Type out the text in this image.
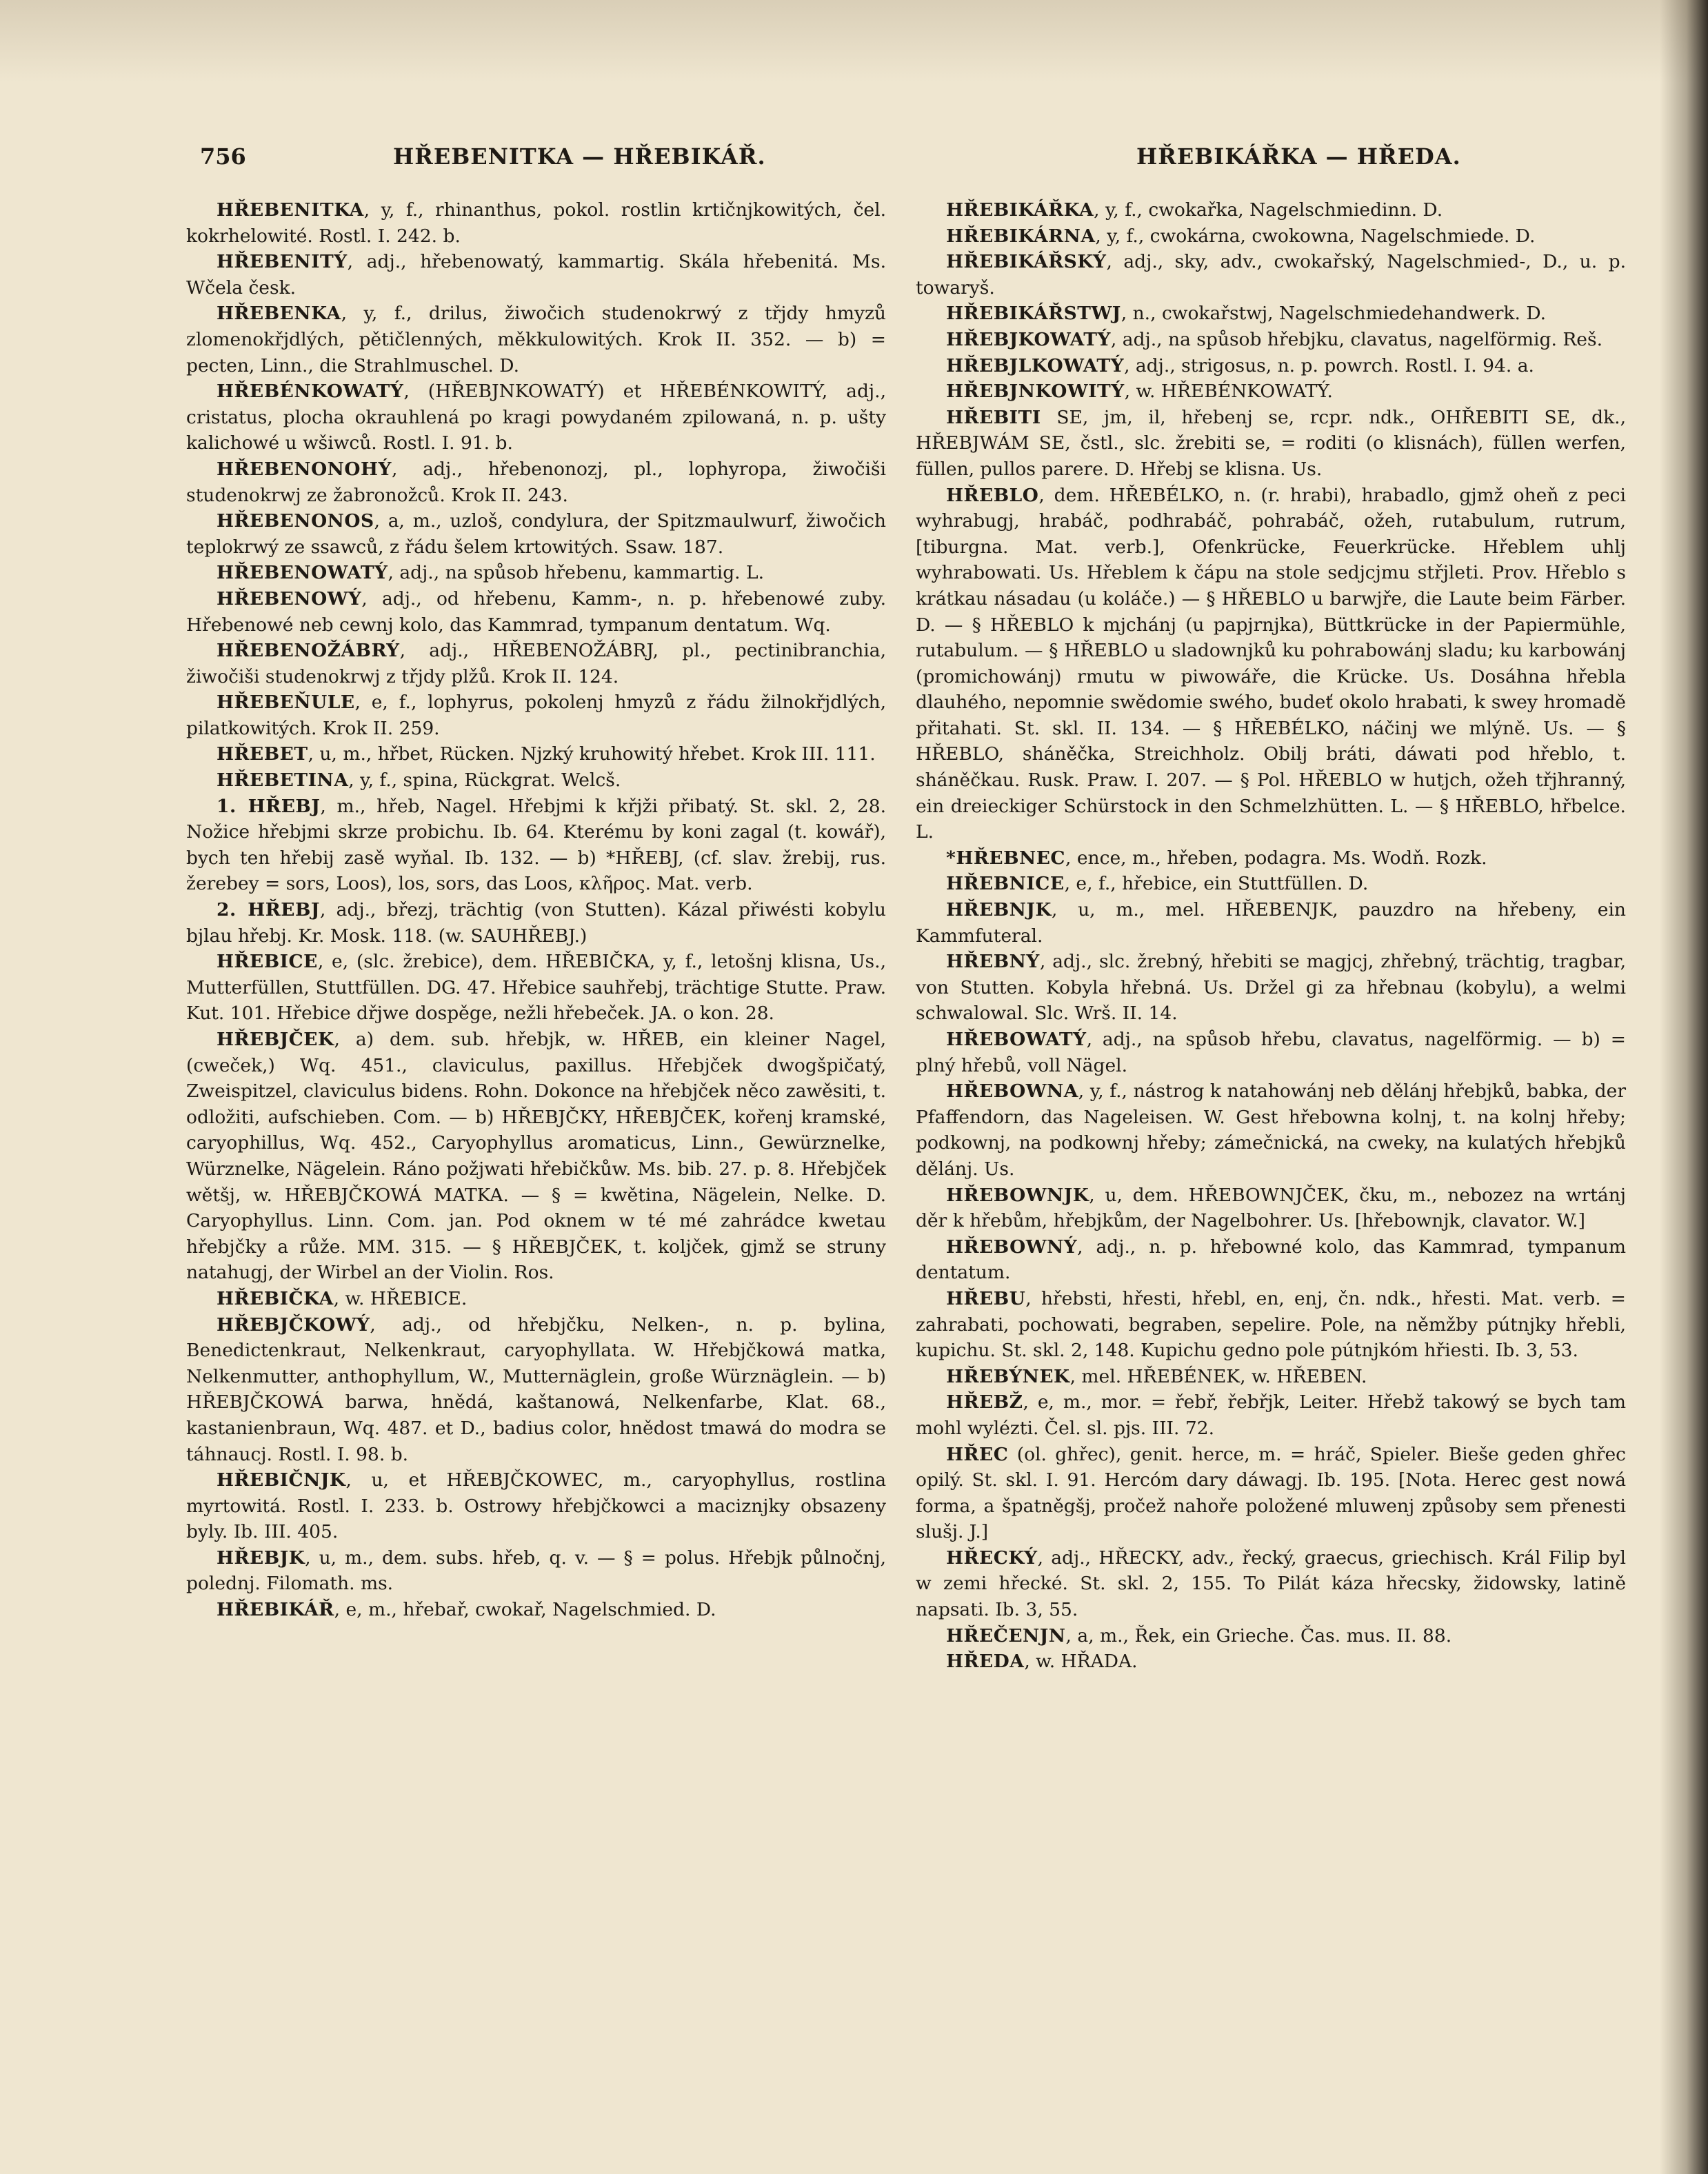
756	HŘEBENITKA — HŘEBIKÁŘ.	HŘEBIKÁŘKA — HŘEDA.

HŘEBENITKA, y, f., rhinanthus, pokol. rostlin krtičnjkowitých, čel. kokrhelowité. Rostl. I. 242. b.

HŘEBENITÝ, adj., hřebenowatý, kammartig. Skála hřebenitá. Ms. Wčela česk.

HŘEBENKA, y, f., drilus, žiwočich studenokrwý z třjdy hmyzů zlomenokřjdlých, pětičlenných, měkkulowitých. Krok II. 352. — b) = pecten, Linn., die Strahlmuschel. D.

HŘEBÉNKOWATÝ, (HŘEBJNKOWATÝ) et HŘEBÉNKOWITÝ, adj., cristatus, plocha okrauhlená po kragi powydaném zpilowaná, n. p. ušty kalichowé u wšiwců. Rostl. I. 91. b.

HŘEBENONOHÝ, adj., hřebenonozj, pl., lophyropa, žiwočiši studenokrwj ze žabronožců. Krok II. 243.

HŘEBENONOS, a, m., uzloš, condylura, der Spitzmaulwurf, žiwočich teplokrwý ze ssawců, z řádu šelem krtowitých. Ssaw. 187.

HŘEBENOWATÝ, adj., na spůsob hřebenu, kammartig. L.

HŘEBENOWÝ, adj., od hřebenu, Kamm-, n. p. hřebenowé zuby. Hřebenowé neb cewnj kolo, das Kammrad, tympanum dentatum. Wq.

HŘEBENOŽÁBRÝ, adj., HŘEBENOŽÁBRJ, pl., pectinibranchia, žiwočiši studenokrwj z třjdy plžů. Krok II. 124.

HŘEBEŇULE, e, f., lophyrus, pokolenj hmyzů z řádu žilnokřjdlých, pilatkowitých. Krok II. 259.

HŘEBET, u, m., hřbet, Rücken. Njzký kruhowitý hřebet. Krok III. 111.

HŘEBETINA, y, f., spina, Rückgrat. Welcš.

1. HŘEBJ, m., hřeb, Nagel. Hřebjmi k křjži přibatý. St. skl. 2, 28. Nožice hřebjmi skrze probichu. Ib. 64. Kterému by koni zagal (t. kowář), bych ten hřebij zasě wyňal. Ib. 132. — b) *HŘEBJ, (cf. slav. žrebij, rus. žerebey = sors, Loos), los, sors, das Loos, κλῆρος. Mat. verb.

2. HŘEBJ, adj., březj, trächtig (von Stutten). Kázal přiwésti kobylu bjlau hřebj. Kr. Mosk. 118. (w. SAUHŘEBJ.)

HŘEBICE, e, (slc. žrebice), dem. HŘEBIČKA, y, f., letošnj klisna, Us., Mutterfüllen, Stuttfüllen. DG. 47. Hřebice sauhřebj, trächtige Stutte. Praw. Kut. 101. Hřebice dřjwe dospěge, nežli hřebeček. JA. o kon. 28.

HŘEBJČEK, a) dem. sub. hřebjk, w. HŘEB, ein kleiner Nagel, (cweček,) Wq. 451., claviculus, paxillus. Hřebjček dwogšpičatý, Zweispitzel, claviculus bidens. Rohn. Dokonce na hřebjček něco zawěsiti, t. odložiti, aufschieben. Com. — b) HŘEBJČKY, HŘEBJČEK, kořenj kramské, caryophillus, Wq. 452., Caryophyllus aromaticus, Linn., Gewürznelke, Würznelke, Nägelein. Ráno požjwati hřebičkůw. Ms. bib. 27. p. 8. Hřebjček wětšj, w. HŘEBJČKOWÁ MATKA. — § = kwětina, Nägelein, Nelke. D. Caryophyllus. Linn. Com. jan. Pod oknem w té mé zahrádce kwetau hřebjčky a růže. MM. 315. — § HŘEBJČEK, t. koljček, gjmž se struny natahugj, der Wirbel an der Violin. Ros.

HŘEBIČKA, w. HŘEBICE.

HŘEBJČKOWÝ, adj., od hřebjčku, Nelken-, n. p. bylina, Benedictenkraut, Nelkenkraut, caryophyllata. W. Hřebjčkowá matka, Nelkenmutter, anthophyllum, W., Mutternäglein, große Würznäglein. — b) HŘEBJČKOWÁ barwa, hnědá, kaštanowá, Nelkenfarbe, Klat. 68., kastanienbraun, Wq. 487. et D., badius color, hnědost tmawá do modra se táhnaucj. Rostl. I. 98. b.

HŘEBIČNJK, u, et HŘEBJČKOWEC, m., caryophyllus, rostlina myrtowitá. Rostl. I. 233. b. Ostrowy hřebjčkowci a maciznjky obsazeny byly. Ib. III. 405.

HŘEBJK, u, m., dem. subs. hřeb, q. v. — § = polus. Hřebjk půlnočnj, polednj. Filomath. ms.

HŘEBIKÁŘ, e, m., hřebař, cwokař, Nagelschmied. D.

HŘEBIKÁŘKA, y, f., cwokařka, Nagelschmiedinn. D.

HŘEBIKÁRNA, y, f., cwokárna, cwokowna, Nagelschmiede. D.

HŘEBIKÁŘSKÝ, adj., sky, adv., cwokařský, Nagelschmied-, D., u. p. towaryš.

HŘEBIKÁŘSTWJ, n., cwokařstwj, Nagelschmiedehandwerk. D.

HŘEBJKOWATÝ, adj., na spůsob hřebjku, clavatus, nagelförmig. Reš.

HŘEBJLKOWATÝ, adj., strigosus, n. p. powrch. Rostl. I. 94. a.

HŘEBJNKOWITÝ, w. HŘEBÉNKOWATÝ.

HŘEBITI SE, jm, il, hřebenj se, rcpr. ndk., OHŘEBITI SE, dk., HŘEBJWÁM SE, čstl., slc. žrebiti se, = roditi (o klisnách), füllen werfen, füllen, pullos parere. D. Hřebj se klisna. Us.

HŘEBLO, dem. HŘEBÉLKO, n. (r. hrabi), hrabadlo, gjmž oheň z peci wyhrabugj, hrabáč, podhrabáč, pohrabáč, ožeh, rutabulum, rutrum, [tiburgna. Mat. verb.], Ofenkrücke, Feuerkrücke. Hřeblem uhlj wyhrabowati. Us. Hřeblem k čápu na stole sedjcjmu střjleti. Prov. Hřeblo s krátkau násadau (u koláče.) — § HŘEBLO u barwjře, die Laute beim Färber. D. — § HŘEBLO k mjchánj (u papjrnjka), Büttkrücke in der Papiermühle, rutabulum. — § HŘEBLO u sladownjků ku pohrabowánj sladu; ku karbowánj (promichowánj) rmutu w piwowáře, die Krücke. Us. Dosáhna hřebla dlauhého, nepomnie swědomie swého, budeť okolo hrabati, k swey hromadě přitahati. St. skl. II. 134. — § HŘEBÉLKO, náčinj we mlýně. Us. — § HŘEBLO, sháněčka, Streichholz. Obilj bráti, dáwati pod hřeblo, t. sháněčkau. Rusk. Praw. I. 207. — § Pol. HŘEBLO w hutjch, ožeh třjhranný, ein dreieckiger Schürstock in den Schmelzhütten. L. — § HŘEBLO, hřbelce. L.

*HŘEBNEC, ence, m., hřeben, podagra. Ms. Wodň. Rozk.

HŘEBNICE, e, f., hřebice, ein Stuttfüllen. D.

HŘEBNJK, u, m., mel. HŘEBENJK, pauzdro na hřebeny, ein Kammfuteral.

HŘEBNÝ, adj., slc. žrebný, hřebiti se magjcj, zhřebný, trächtig, tragbar, von Stutten. Kobyla hřebná. Us. Držel gi za hřebnau (kobylu), a welmi schwalowal. Slc. Wrš. II. 14.

HŘEBOWATÝ, adj., na spůsob hřebu, clavatus, nagelförmig. — b) = plný hřebů, voll Nägel.

HŘEBOWNA, y, f., nástrog k natahowánj neb dělánj hřebjků, babka, der Pfaffendorn, das Nageleisen. W. Gest hřebowna kolnj, t. na kolnj hřeby; podkownj, na podkownj hřeby; zámečnická, na cweky, na kulatých hřebjků dělánj. Us.

HŘEBOWNJK, u, dem. HŘEBOWNJČEK, čku, m., nebozez na wrtánj děr k hřebům, hřebjkům, der Nagelbohrer. Us. [hřebownjk, clavator. W.]

HŘEBOWNÝ, adj., n. p. hřebowné kolo, das Kammrad, tympanum dentatum.

HŘEBU, hřebsti, hřesti, hřebl, en, enj, čn. ndk., hřesti. Mat. verb. = zahrabati, pochowati, begraben, sepelire. Pole, na němžby pútnjky hřebli, kupichu. St. skl. 2, 148. Kupichu gedno pole pútnjkóm hřiesti. Ib. 3, 53.

HŘEBÝNEK, mel. HŘEBÉNEK, w. HŘEBEN.

HŘEBŽ, e, m., mor. = řebř, řebřjk, Leiter. Hřebž takowý se bych tam mohl wylézti. Čel. sl. pjs. III. 72.

HŘEC (ol. ghřec), genit. herce, m. = hráč, Spieler. Bieše geden ghřec opilý. St. skl. I. 91. Hercóm dary dáwagj. Ib. 195. [Nota. Herec gest nowá forma, a špatněgšj, pročež nahoře položené mluwenj způsoby sem přenesti slušj. J.]

HŘECKÝ, adj., HŘECKY, adv., řecký, graecus, griechisch. Král Filip byl w zemi hřecké. St. skl. 2, 155. To Pilát káza hřecsky, židowsky, latině napsati. Ib. 3, 55.

HŘEČENJN, a, m., Řek, ein Grieche. Čas. mus. II. 88.

HŘEDA, w. HŘADA.
